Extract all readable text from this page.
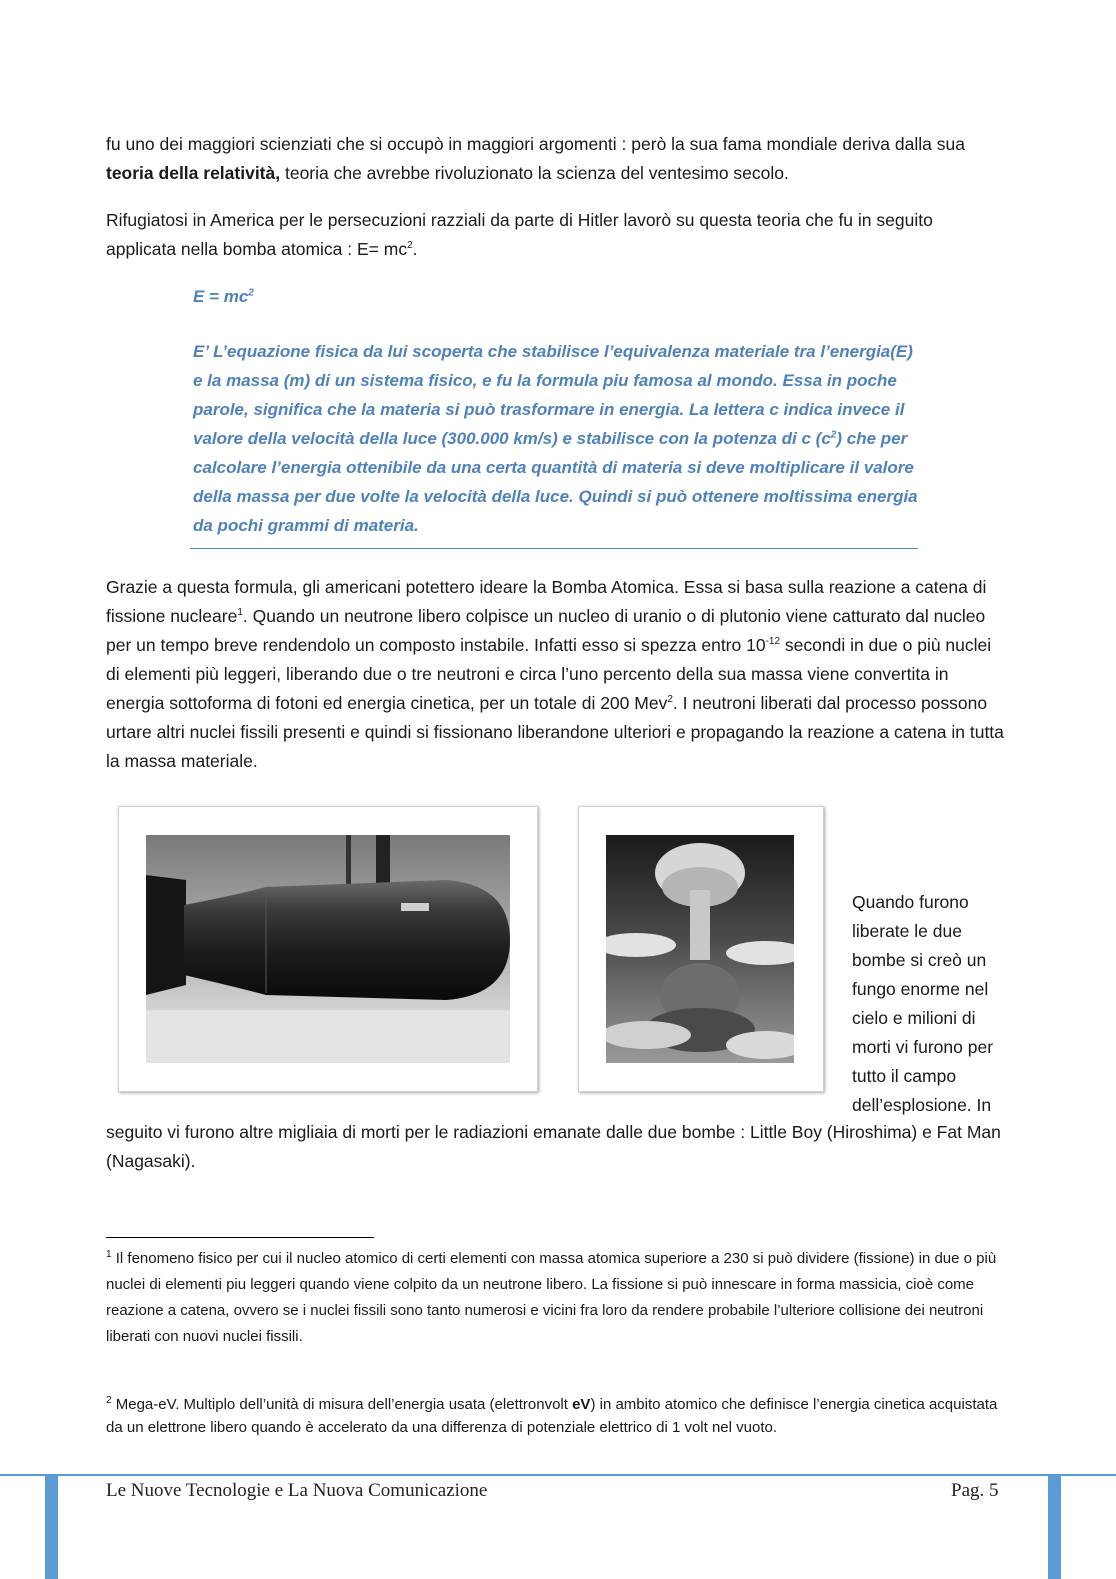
fu uno dei maggiori scienziati che si occupò in maggiori argomenti : però la sua fama mondiale deriva dalla sua teoria della relatività, teoria che avrebbe rivoluzionato la scienza del ventesimo secolo.

Rifugiatosi in America per le persecuzioni razziali da parte di Hitler lavorò su questa teoria che fu in seguito applicata nella bomba atomica : $E= mc^2$.

$E = mc^2$

E’ L’equazione fisica da lui scoperta che stabilisce l’equivalenza materiale tra l’energia(E) e la massa (m) di un sistema fisico, e fu la formula piu famosa al mondo. Essa in poche parole, significa che la materia si può trasformare in energia. La lettera c indica invece il valore della velocità della luce (300.000 km/s) e stabilisce con la potenza di c $(c^2)$ che per calcolare l’energia ottenibile da una certa quantità di materia si deve moltiplicare il valore della massa per due volte la velocità della luce. Quindi si può ottenere moltissima energia da pochi grammi di materia.

Grazie a questa formula, gli americani potettero ideare la Bomba Atomica. Essa si basa sulla reazione a catena di fissione nucleare$^1$. Quando un neutrone libero colpisce un nucleo di uranio o di plutonio viene catturato dal nucleo per un tempo breve rendendolo un composto instabile. Infatti esso si spezza entro $10^{-12}$ secondi in due o più nuclei di elementi più leggeri, liberando due o tre neutroni e circa l’uno percento della sua massa viene convertita in energia sottoforma di fotoni ed energia cinetica, per un totale di 200 Mev$^2$. I neutroni liberati dal processo possono urtare altri nuclei fissili presenti e quindi si fissionano liberandone ulteriori e propagando la reazione a catena in tutta la massa materiale.

Quando furono liberate le due bombe si creò un fungo enorme nel cielo e milioni di morti vi furono per tutto il campo dell’esplosione. In

seguito vi furono altre migliaia di morti per le radiazioni emanate dalle due bombe : Little Boy (Hiroshima) e Fat Man (Nagasaki).

$^1$ Il fenomeno fisico per cui il nucleo atomico di certi elementi con massa atomica superiore a 230 si può dividere (fissione) in due o più nuclei di elementi piu leggeri quando viene colpito da un neutrone libero. La fissione si può innescare in forma massicia, cioè come reazione a catena, ovvero se i nuclei fissili sono tanto numerosi e vicini fra loro da rendere probabile l’ulteriore collisione dei neutroni liberati con nuovi nuclei fissili.

$^2$ Mega-eV. Multiplo dell’unità di misura dell’energia usata (elettronvolt eV) in ambito atomico che definisce l’energia cinetica acquistata da un elettrone libero quando è accelerato da una differenza di potenziale elettrico di 1 volt nel vuoto.

Le Nuove Tecnologie e La Nuova Comunicazione	Pag. 5
